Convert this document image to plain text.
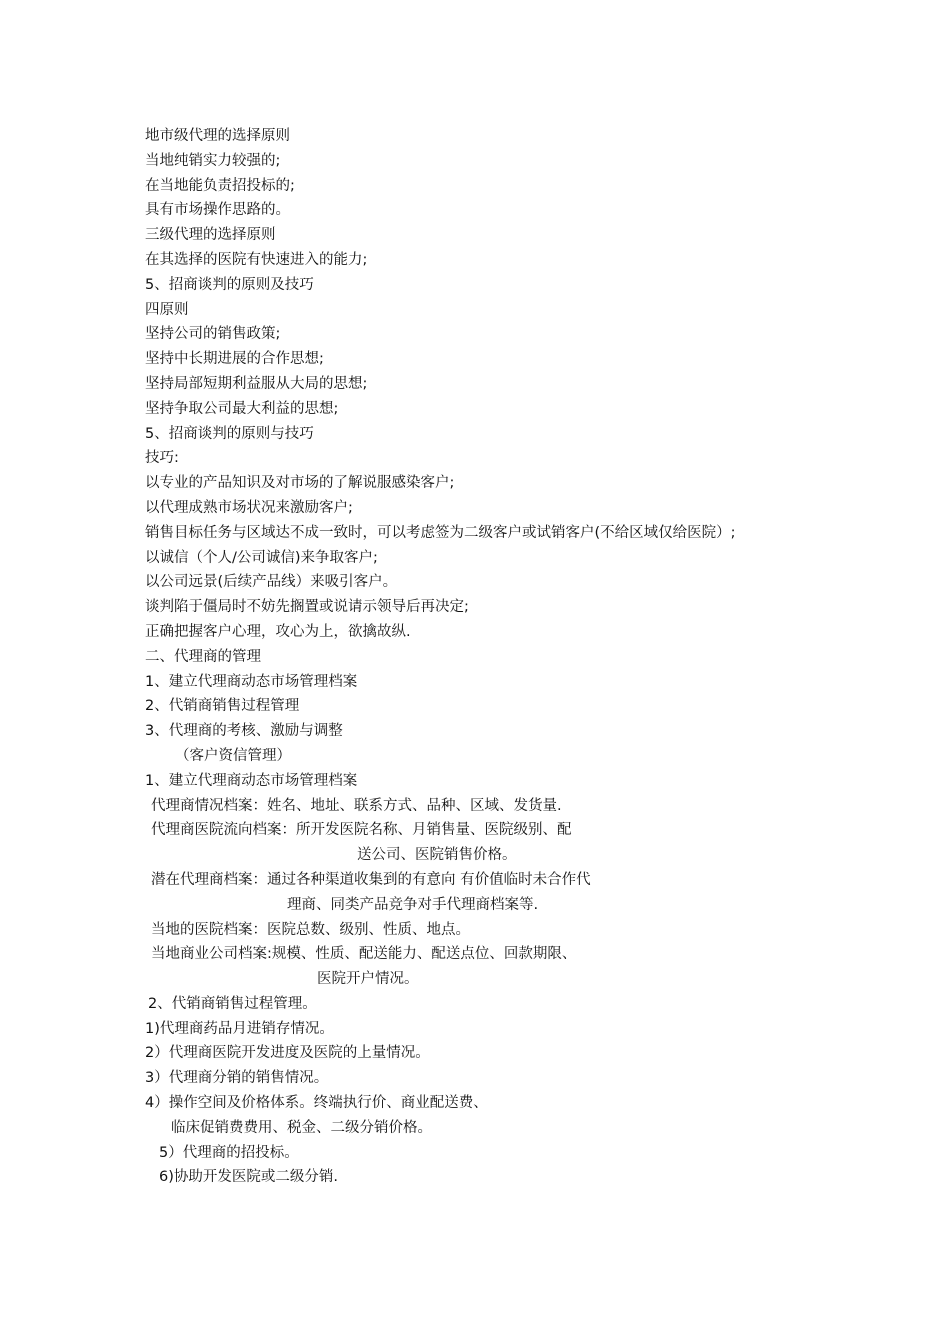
地市级代理的选择原则
当地纯销实力较强的;
在当地能负责招投标的;
具有市场操作思路的。
三级代理的选择原则
在其选择的医院有快速进入的能力;
5、招商谈判的原则及技巧
四原则
坚持公司的销售政策;
坚持中长期进展的合作思想;
坚持局部短期利益服从大局的思想;
坚持争取公司最大利益的思想;
5、招商谈判的原则与技巧
技巧:
以专业的产品知识及对市场的了解说服感染客户;
以代理成熟市场状况来激励客户;
销售目标任务与区域达不成一致时，可以考虑签为二级客户或试销客户(不给区域仅给医院）;
以诚信（个人/公司诚信)来争取客户;
以公司远景(后续产品线）来吸引客户。
谈判陷于僵局时不妨先搁置或说请示领导后再决定;
正确把握客户心理，攻心为上，欲擒故纵.
二、代理商的管理
1、建立代理商动态市场管理档案
2、代销商销售过程管理
3、代理商的考核、激励与调整
（客户资信管理）
1、建立代理商动态市场管理档案
代理商情况档案：姓名、地址、联系方式、品种、区域、发货量.
代理商医院流向档案：所开发医院名称、月销售量、医院级别、配
送公司、医院销售价格。
潜在代理商档案：通过各种渠道收集到的有意向 有价值临时未合作代
理商、同类产品竞争对手代理商档案等.
当地的医院档案：医院总数、级别、性质、地点。
当地商业公司档案:规模、性质、配送能力、配送点位、回款期限、
医院开户情况。
2、代销商销售过程管理。
1)代理商药品月进销存情况。
2）代理商医院开发进度及医院的上量情况。
3）代理商分销的销售情况。
4）操作空间及价格体系。终端执行价、商业配送费、
临床促销费费用、税金、二级分销价格。
5）代理商的招投标。
6)协助开发医院或二级分销.
